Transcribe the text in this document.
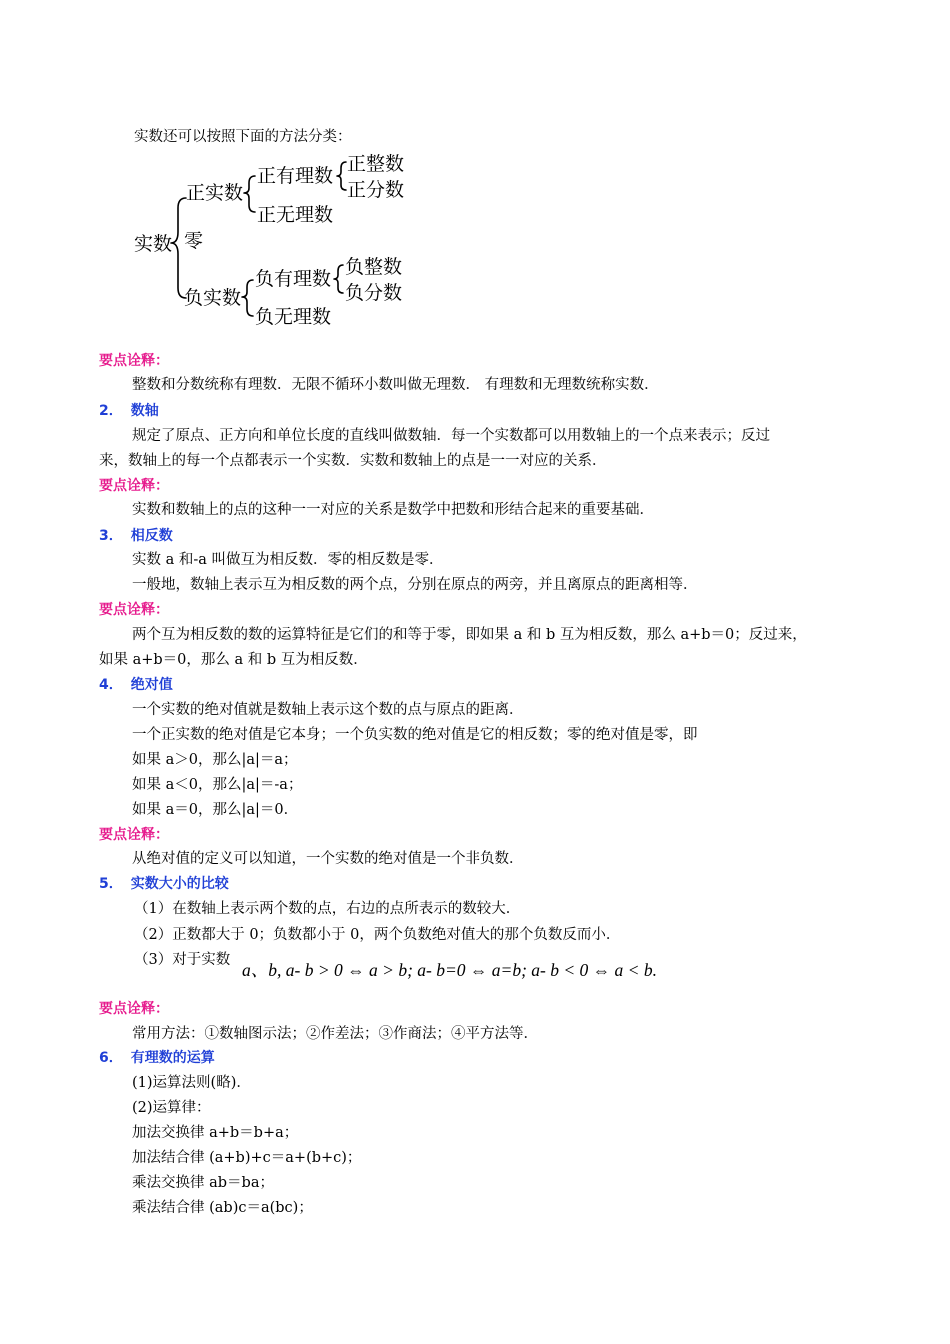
实数还可以按照下面的方法分类：
实数
正实数
零
负实数
正有理数
正无理数
正整数
正分数
负有理数
负无理数
负整数
负分数
要点诠释：
整数和分数统称有理数．无限不循环小数叫做无理数． 有理数和无理数统称实数．
2． 数轴
规定了原点、正方向和单位长度的直线叫做数轴．每一个实数都可以用数轴上的一个点来表示；反过
来，数轴上的每一个点都表示一个实数．实数和数轴上的点是一一对应的关系．
要点诠释：
实数和数轴上的点的这种一一对应的关系是数学中把数和形结合起来的重要基础．
3． 相反数
实数 a 和-a 叫做互为相反数．零的相反数是零．
一般地，数轴上表示互为相反数的两个点，分别在原点的两旁，并且离原点的距离相等．
要点诠释：
两个互为相反数的数的运算特征是它们的和等于零，即如果 a 和 b 互为相反数，那么 a+b＝0；反过来，
如果 a+b＝0，那么 a 和 b 互为相反数．
4． 绝对值
一个实数的绝对值就是数轴上表示这个数的点与原点的距离．
一个正实数的绝对值是它本身；一个负实数的绝对值是它的相反数；零的绝对值是零，即
如果 a＞0，那么|a|＝a；
如果 a＜0，那么|a|＝-a；
如果 a＝0，那么|a|＝0．
要点诠释：
从绝对值的定义可以知道，一个实数的绝对值是一个非负数．
5． 实数大小的比较
（1）在数轴上表示两个数的点，右边的点所表示的数较大．
（2）正数都大于 0；负数都小于 0，两个负数绝对值大的那个负数反而小．
（3）对于实数 a、b, a- b > 0 ⇔ a > b; a- b=0 ⇔ a=b; a- b < 0 ⇔ a < b.
要点诠释：
常用方法：①数轴图示法；②作差法；③作商法；④平方法等．
6． 有理数的运算
(1)运算法则(略)．
(2)运算律：
加法交换律 a+b＝b+a；
加法结合律 (a+b)+c＝a+(b+c)；
乘法交换律 ab＝ba；
乘法结合律 (ab)c＝a(bc)；
